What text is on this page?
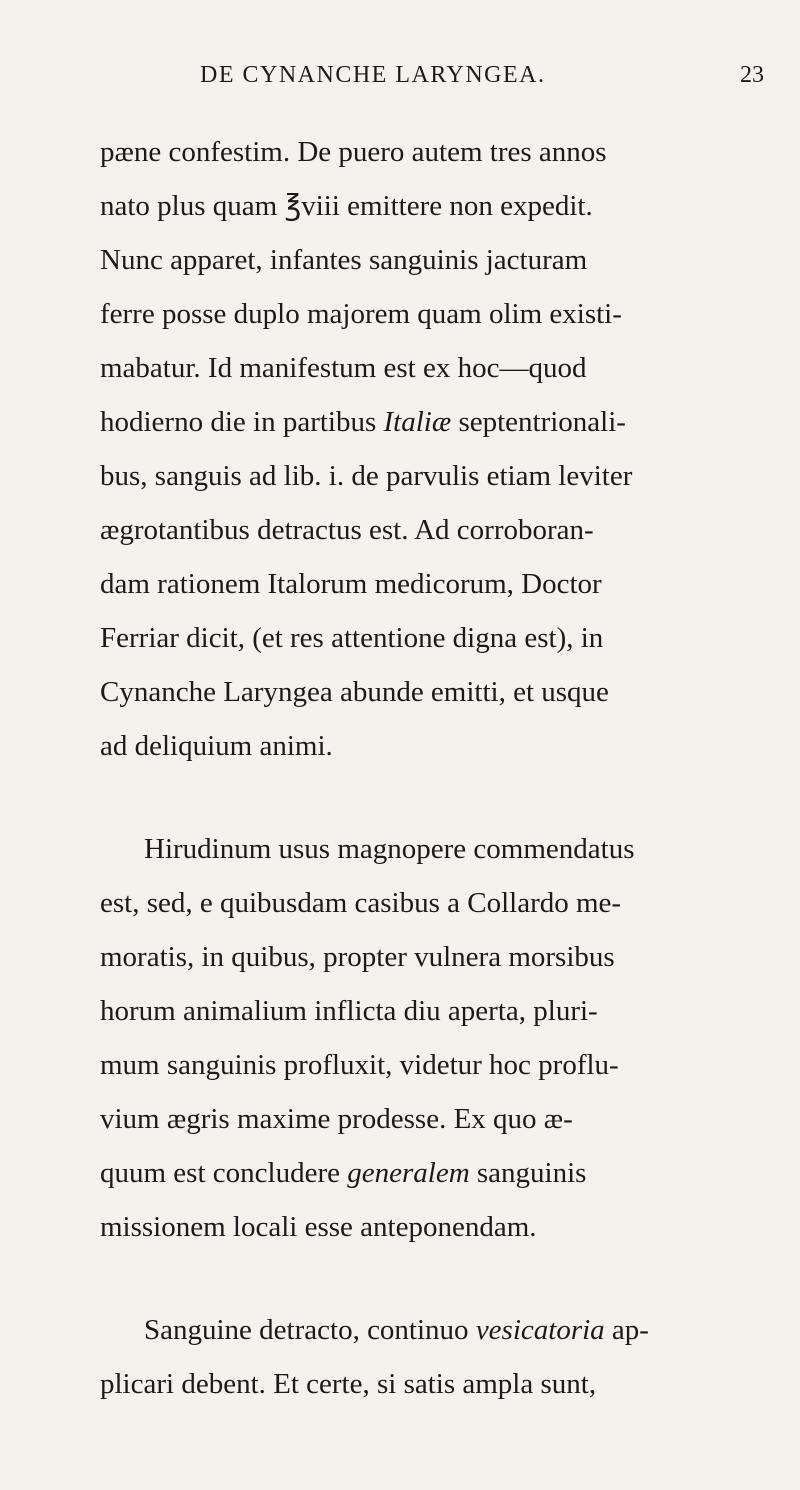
DE CYNANCHE LARYNGEA.	23
pæne confestim. De puero autem tres annos
nato plus quam ℥viii emittere non expedit.
Nunc apparet, infantes sanguinis jacturam
ferre posse duplo majorem quam olim existi-
mabatur. Id manifestum est ex hoc—quod
hodierno die in partibus Italiæ septentrionali-
bus, sanguis ad lib. i. de parvulis etiam leviter
ægrotantibus detractus est. Ad corroboran-
dam rationem Italorum medicorum, Doctor
Ferriar dicit, (et res attentione digna est), in
Cynanche Laryngea abunde emitti, et usque
ad deliquium animi.
Hirudinum usus magnopere commendatus
est, sed, e quibusdam casibus a Collardo me-
moratis, in quibus, propter vulnera morsibus
horum animalium inflicta diu aperta, pluri-
mum sanguinis profluxit, videtur hoc proflu-
vium ægris maxime prodesse. Ex quo æ-
quum est concludere generalem sanguinis
missionem locali esse anteponendam.
Sanguine detracto, continuo vesicatoria ap-
plicari debent. Et certe, si satis ampla sunt,
